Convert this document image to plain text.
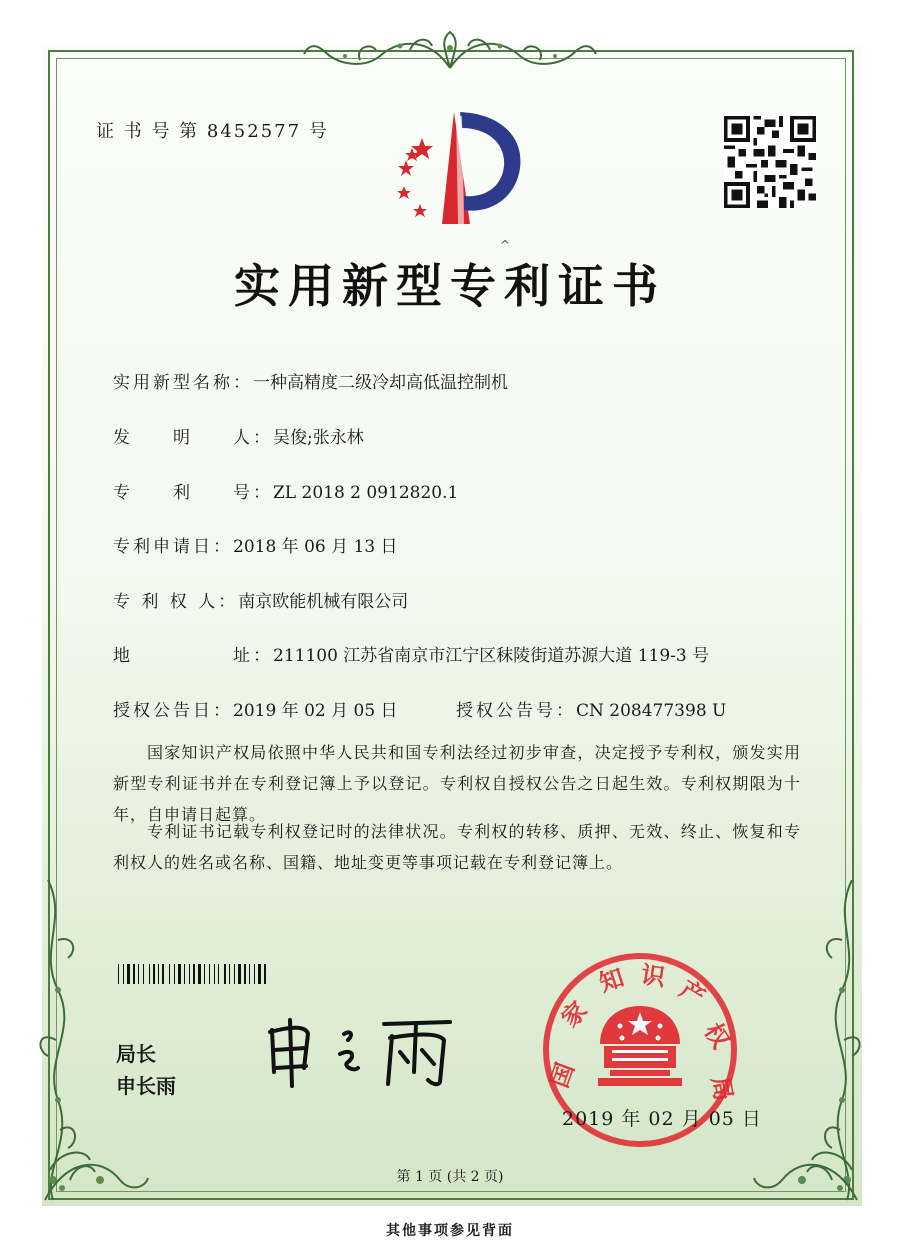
证 书 号 第 8452577 号
^
实用新型专利证书
实用新型名称：一种高精度二级冷却高低温控制机
发　　明　　人：吴俊;张永林
专　　利　　号：ZL 2018 2 0912820.1
专利申请日：2018 年 06 月 13 日
专 利 权 人：南京欧能机械有限公司
地　　　　　址：211100 江苏省南京市江宁区秣陵街道苏源大道 119-3 号
授权公告日：2019 年 02 月 05 日	授权公告号：CN 208477398 U
国家知识产权局依照中华人民共和国专利法经过初步审查，决定授予专利权，颁发实用新型专利证书并在专利登记簿上予以登记。专利权自授权公告之日起生效。专利权期限为十年，自申请日起算。
专利证书记载专利权登记时的法律状况。专利权的转移、质押、无效、终止、恢复和专利权人的姓名或名称、国籍、地址变更等事项记载在专利登记簿上。
局长
申长雨	国
家
知 识 产
权
局
2019 年 02 月 05 日
第 1 页 (共 2 页)
其他事项参见背面
